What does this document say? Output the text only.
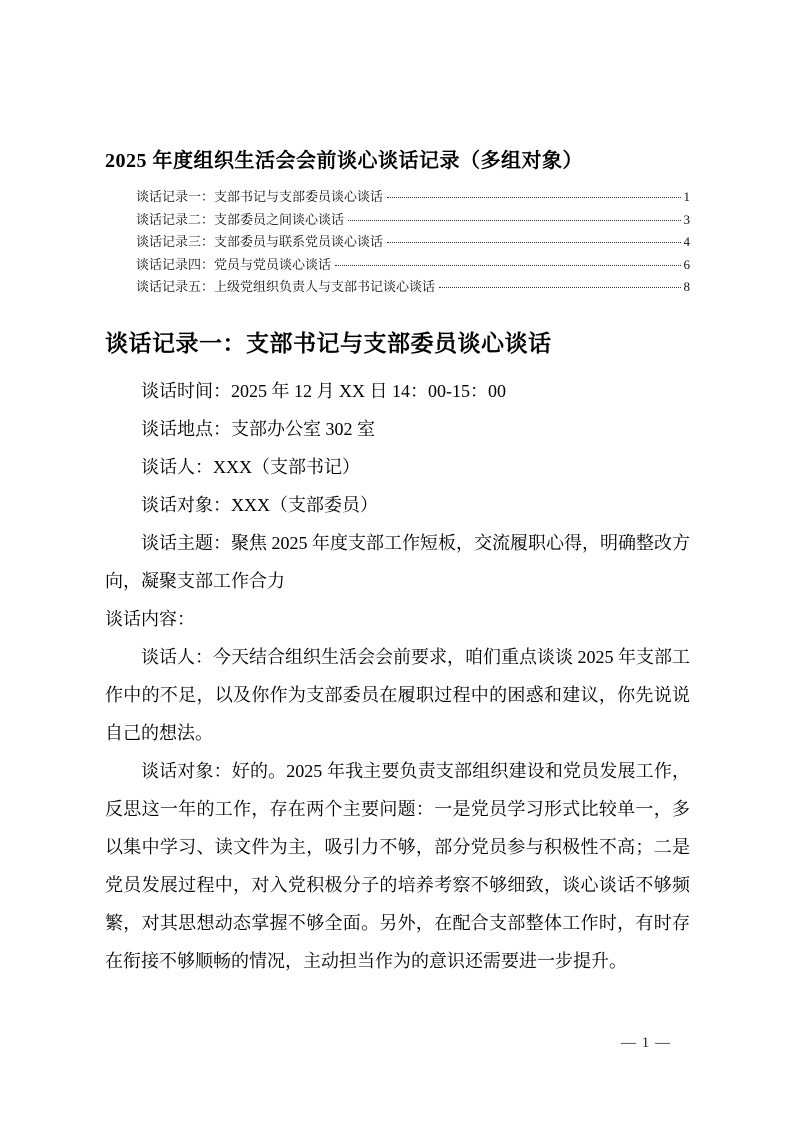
2025 年度组织生活会会前谈心谈话记录（多组对象）
谈话记录一：支部书记与支部委员谈心谈话	1
谈话记录二：支部委员之间谈心谈话	3
谈话记录三：支部委员与联系党员谈心谈话	4
谈话记录四：党员与党员谈心谈话	6
谈话记录五：上级党组织负责人与支部书记谈心谈话	8
谈话记录一：支部书记与支部委员谈心谈话

谈话时间：2025 年 12 月 XX 日 14：00-15：00

谈话地点：支部办公室 302 室

谈话人：XXX（支部书记）

谈话对象：XXX（支部委员）

谈话主题：聚焦 2025 年度支部工作短板，交流履职心得，明确整改方向，凝聚支部工作合力

谈话内容：

谈话人：今天结合组织生活会会前要求，咱们重点谈谈 2025 年支部工作中的不足，以及你作为支部委员在履职过程中的困惑和建议，你先说说自己的想法。

谈话对象：好的。2025 年我主要负责支部组织建设和党员发展工作，反思这一年的工作，存在两个主要问题：一是党员学习形式比较单一，多以集中学习、读文件为主，吸引力不够，部分党员参与积极性不高；二是党员发展过程中，对入党积极分子的培养考察不够细致，谈心谈话不够频繁，对其思想动态掌握不够全面。另外，在配合支部整体工作时，有时存在衔接不够顺畅的情况，主动担当作为的意识还需要进一步提升。

— 1 —
